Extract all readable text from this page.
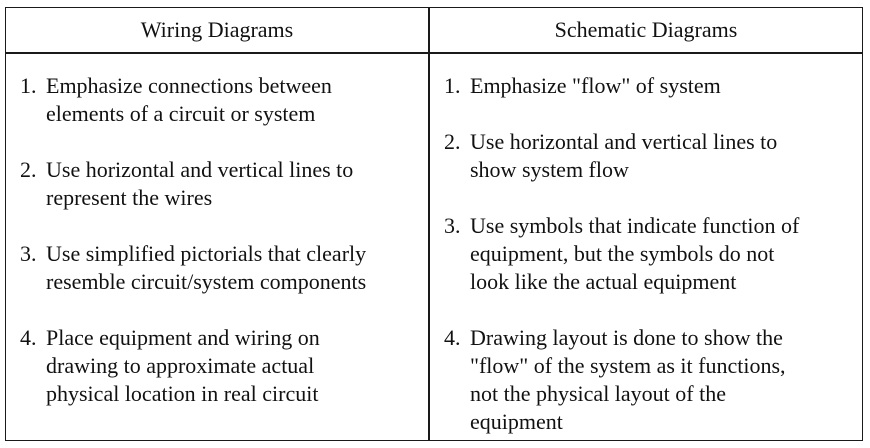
Wiring Diagrams	Schematic Diagrams
1. Emphasize connections between
elements of a circuit or system
2. Use horizontal and vertical lines to
represent the wires
3. Use simplified pictorials that clearly
resemble circuit/system components
4. Place equipment and wiring on
drawing to approximate actual
physical location in real circuit
1. Emphasize "flow" of system
2. Use horizontal and vertical lines to
show system flow
3. Use symbols that indicate function of
equipment, but the symbols do not
look like the actual equipment
4. Drawing layout is done to show the
"flow" of the system as it functions,
not the physical layout of the
equipment
